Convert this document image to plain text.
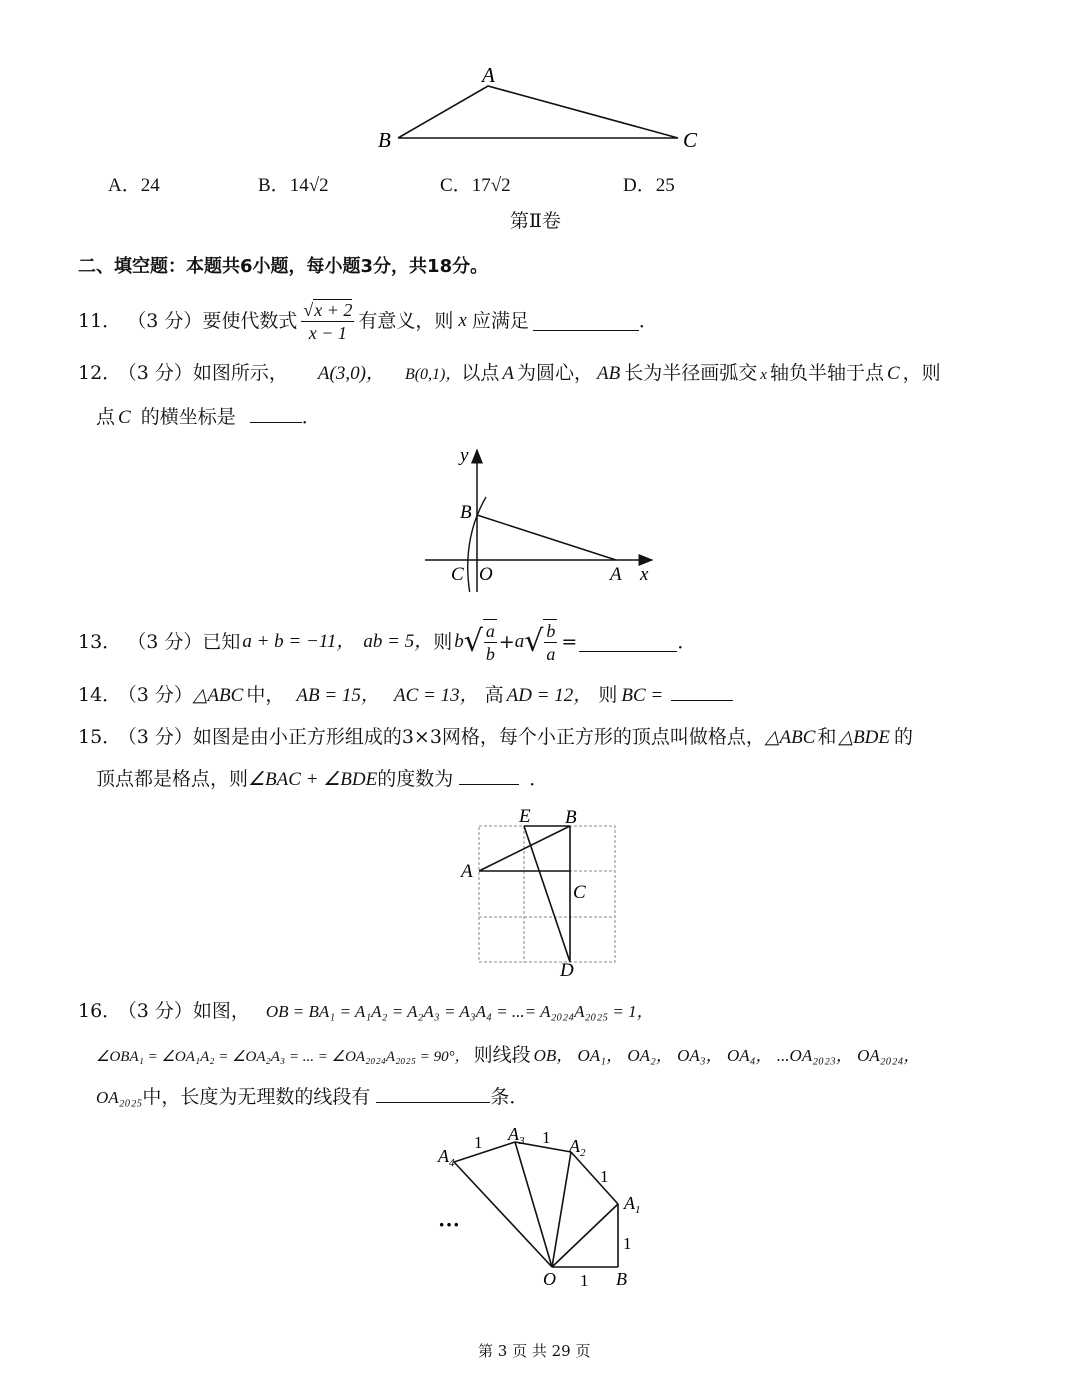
A
B	C
A．24	B．14√2	C．17√2	D．25
第Ⅱ卷
二、填空题：本题共6小题，每小题3分，共18分。
11． （3 分） 要使代数式 $\frac{√x + 2}{x - 1}$ 有意义，则 x 应满足	．
12． （3 分）如图所示， A(3,0)， B(0,1)，以点 A 为圆心， AB 长为半径画弧交 x 轴负半轴于点 C ，则
点 C 的横坐标是	．
y
B
C O	A x
13． （3 分） 已知 a + b = −11， ab = 5， 则 b √ $\frac{a}{b} + a$ √ $\frac{b}{a}$ =	．
14． （3 分）△ABC 中， AB = 15， AC = 13， 高 AD = 12， 则 BC =
15． （3 分）如图是由小正方形组成的3×3网格，每个小正方形的顶点叫做格点，△ABC 和 △BDE 的
顶点都是格点，则∠BAC + ∠BDE的度数为	．
E B
A
C
D
16． （3 分）如图， OB = BA₁ = A₁A₂ = A₂A₃ = A₃A₄ = ...= A₂₀₂₄A₂₀₂₅ = 1，
∠OBA₁ = ∠OA₁A₂ = ∠OA₂A₃ = ... = ∠OA₂₀₂₄A₂₀₂₅ = 90°， 则线段 OB， OA₁， OA₂， OA₃， OA₄， ...OA₂₀₂₃， OA₂₀₂₄，
OA₂₀₂₅中，长度为无理数的线段有	条．
$A_4$
$A_3$ $A_2$
$A_1$
O	B
1	1
1
1
1
···
第 3 页 共 29 页
